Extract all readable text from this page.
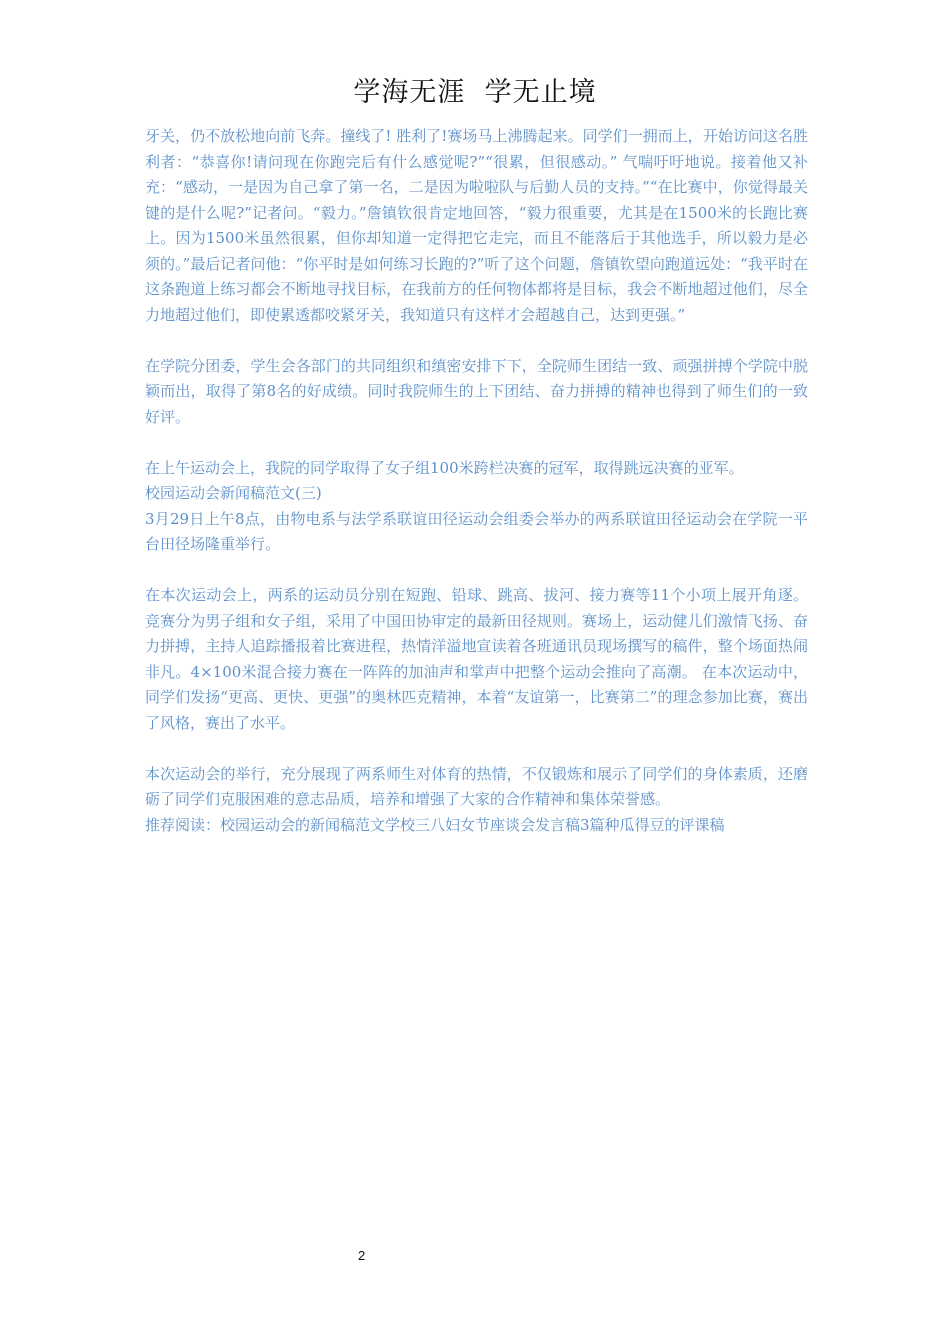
学海无涯  学无止境

牙关，仍不放松地向前飞奔。撞线了! 胜利了!赛场马上沸腾起来。同学们一拥而上，开始访问这名胜利者：“恭喜你!请问现在你跑完后有什么感觉呢?”“很累，但很感动。” 气喘吁吁地说。接着他又补充：“感动，一是因为自己拿了第一名，二是因为啦啦队与后勤人员的支持。”“在比赛中，你觉得最关键的是什么呢?”记者问。“毅力。”詹镇钦很肯定地回答，“毅力很重要，尤其是在1500米的长跑比赛上。因为1500米虽然很累，但你却知道一定得把它走完，而且不能落后于其他选手，所以毅力是必须的。”最后记者问他：“你平时是如何练习长跑的?”听了这个问题，詹镇钦望向跑道远处：“我平时在这条跑道上练习都会不断地寻找目标，在我前方的任何物体都将是目标，我会不断地超过他们，尽全力地超过他们，即使累透都咬紧牙关，我知道只有这样才会超越自己，达到更强。”

在学院分团委，学生会各部门的共同组织和缜密安排下下，全院师生团结一致、顽强拼搏个学院中脱颖而出，取得了第8名的好成绩。同时我院师生的上下团结、奋力拼搏的精神也得到了师生们的一致好评。

在上午运动会上，我院的同学取得了女子组100米跨栏决赛的冠军，取得跳远决赛的亚军。

校园运动会新闻稿范文(三)

3月29日上午8点，由物电系与法学系联谊田径运动会组委会举办的两系联谊田径运动会在学院一平台田径场隆重举行。

在本次运动会上，两系的运动员分别在短跑、铅球、跳高、拔河、接力赛等11个小项上展开角逐。竞赛分为男子组和女子组，采用了中国田协审定的最新田径规则。赛场上，运动健儿们激情飞扬、奋力拼搏，主持人追踪播报着比赛进程，热情洋溢地宣读着各班通讯员现场撰写的稿件，整个场面热闹非凡。4×100米混合接力赛在一阵阵的加油声和掌声中把整个运动会推向了高潮。 在本次运动中，同学们发扬“更高、更快、更强”的奥林匹克精神，本着“友谊第一，比赛第二”的理念参加比赛，赛出了风格，赛出了水平。

本次运动会的举行，充分展现了两系师生对体育的热情，不仅锻炼和展示了同学们的身体素质，还磨砺了同学们克服困难的意志品质，培养和增强了大家的合作精神和集体荣誉感。

推荐阅读：校园运动会的新闻稿范文学校三八妇女节座谈会发言稿3篇种瓜得豆的评课稿

2
